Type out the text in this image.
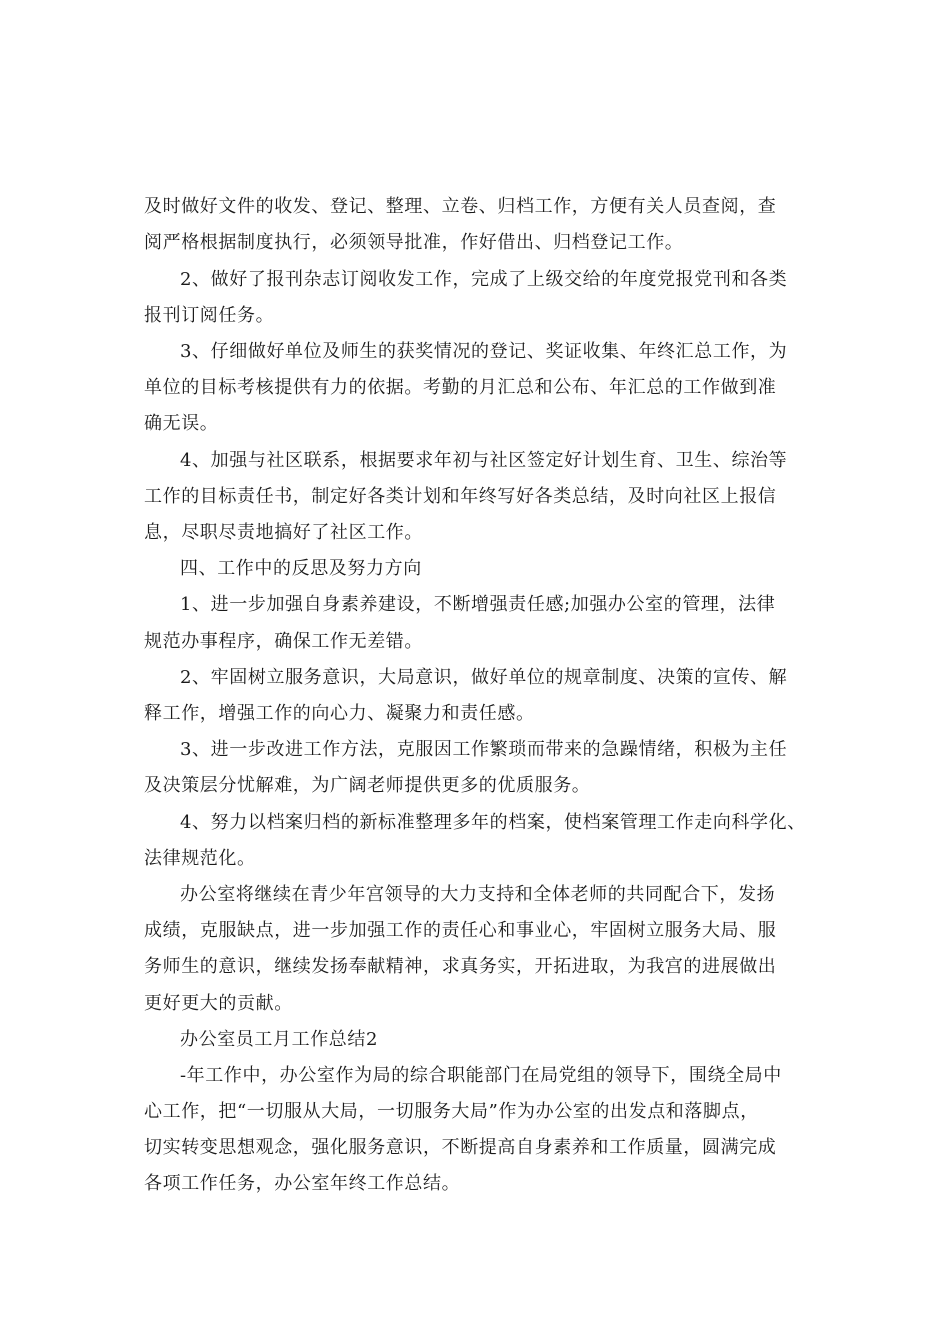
及时做好文件的收发、登记、整理、立卷、归档工作，方便有关人员查阅，查
阅严格根据制度执行，必须领导批准，作好借出、归档登记工作。
2、做好了报刊杂志订阅收发工作，完成了上级交给的年度党报党刊和各类
报刊订阅任务。
3、仔细做好单位及师生的获奖情况的登记、奖证收集、年终汇总工作，为
单位的目标考核提供有力的依据。考勤的月汇总和公布、年汇总的工作做到准
确无误。
4、加强与社区联系，根据要求年初与社区签定好计划生育、卫生、综治等
工作的目标责任书，制定好各类计划和年终写好各类总结，及时向社区上报信
息，尽职尽责地搞好了社区工作。
四、工作中的反思及努力方向
1、进一步加强自身素养建设，不断增强责任感;加强办公室的管理，法律
规范办事程序，确保工作无差错。
2、牢固树立服务意识，大局意识，做好单位的规章制度、决策的宣传、解
释工作，增强工作的向心力、凝聚力和责任感。
3、进一步改进工作方法，克服因工作繁琐而带来的急躁情绪，积极为主任
及决策层分忧解难，为广阔老师提供更多的优质服务。
4、努力以档案归档的新标准整理多年的档案，使档案管理工作走向科学化、
法律规范化。
办公室将继续在青少年宫领导的大力支持和全体老师的共同配合下，发扬
成绩，克服缺点，进一步加强工作的责任心和事业心，牢固树立服务大局、服
务师生的意识，继续发扬奉献精神，求真务实，开拓进取，为我宫的进展做出
更好更大的贡献。
办公室员工月工作总结2
-年工作中，办公室作为局的综合职能部门在局党组的领导下，围绕全局中
心工作，把“一切服从大局，一切服务大局”作为办公室的出发点和落脚点，
切实转变思想观念，强化服务意识，不断提高自身素养和工作质量，圆满完成
各项工作任务，办公室年终工作总结。
